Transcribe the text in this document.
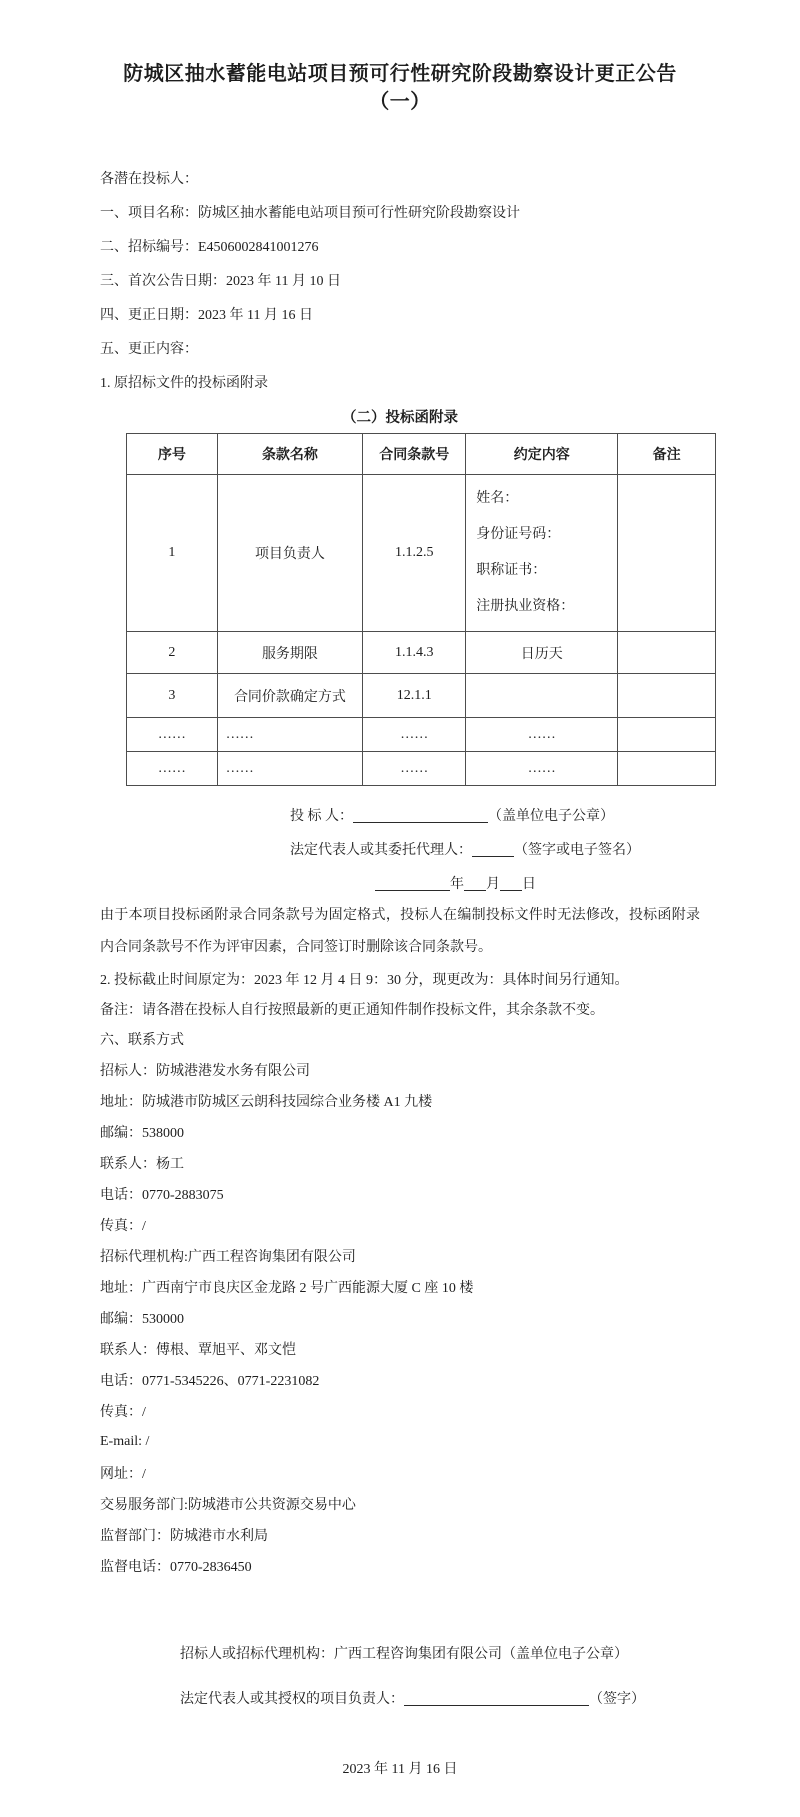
防城区抽水蓄能电站项目预可行性研究阶段勘察设计更正公告（一）
各潜在投标人：
一、项目名称：防城区抽水蓄能电站项目预可行性研究阶段勘察设计
二、招标编号：E4506002841001276
三、首次公告日期：2023 年 11 月 10 日
四、更正日期：2023 年 11 月 16 日
五、更正内容：
1. 原招标文件的投标函附录
（二）投标函附录
序号	条款名称	合同条款号	约定内容	备注
1	项目负责人	1.1.2.5	姓名：
身份证号码：
职称证书：
注册执业资格：	

2	服务期限	1.1.4.3	日历天	
3	合同价款确定方式	12.1.1		
……	……	……	……	
……	……	……	……	
投 标 人：	（盖单位电子公章）
法定代表人或其委托代理人：	（签字或电子签名）
年 月 日

由于本项目投标函附录合同条款号为固定格式，投标人在编制投标文件时无法修改，投标函附录内合同条款号不作为评审因素，合同签订时删除该合同条款号。

2. 投标截止时间原定为：2023 年 12 月 4 日 9：30 分，现更改为：具体时间另行通知。
备注：请各潜在投标人自行按照最新的更正通知件制作投标文件，其余条款不变。
六、联系方式
招标人：防城港港发水务有限公司
地址：防城港市防城区云朗科技园综合业务楼 A1 九楼
邮编：538000
联系人：杨工
电话：0770-2883075
传真：/
招标代理机构:广西工程咨询集团有限公司
地址：广西南宁市良庆区金龙路 2 号广西能源大厦 C 座 10 楼
邮编：530000
联系人：傅根、覃旭平、邓文恺
电话：0771-5345226、0771-2231082
传真：/
E-mail: /
网址：/
交易服务部门:防城港市公共资源交易中心
监督部门：防城港市水利局
监督电话：0770-2836450
招标人或招标代理机构：广西工程咨询集团有限公司（盖单位电子公章）
法定代表人或其授权的项目负责人：	（签字）
2023 年 11 月 16 日
